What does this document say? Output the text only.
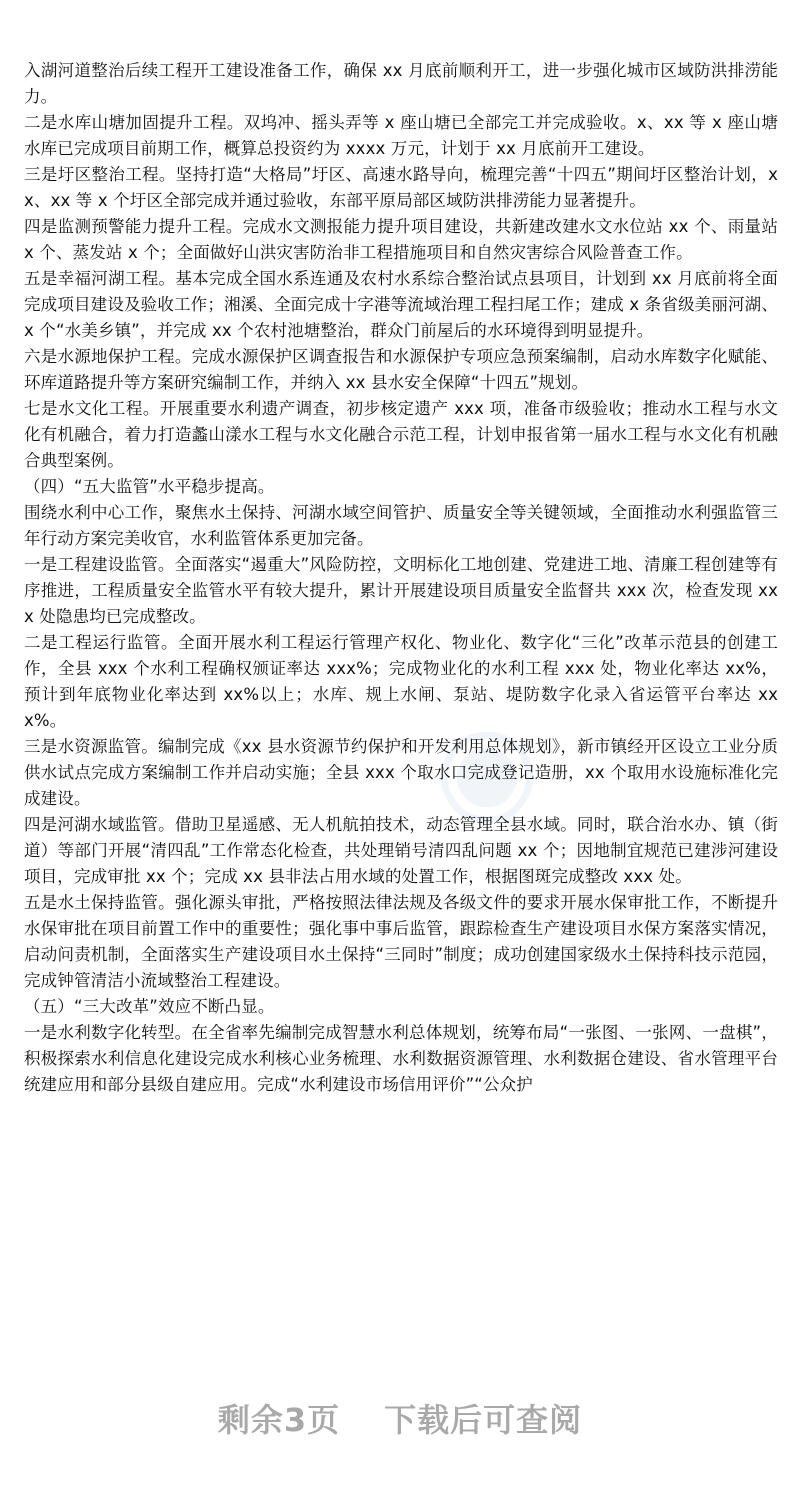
◉

入湖河道整治后续工程开工建设准备工作，确保 xx 月底前顺利开工，进一步强化城市区域防洪排涝能力。

二是水库山塘加固提升工程。双坞冲、摇头弄等 x 座山塘已全部完工并完成验收。x、xx 等 x 座山塘水库已完成项目前期工作，概算总投资约为 xxxx 万元，计划于 xx 月底前开工建设。

三是圩区整治工程。坚持打造“大格局”圩区、高速水路导向，梳理完善“十四五”期间圩区整治计划，xx、xx 等 x 个圩区全部完成并通过验收，东部平原局部区域防洪排涝能力显著提升。

四是监测预警能力提升工程。完成水文测报能力提升项目建设，共新建改建水文水位站 xx 个、雨量站 x 个、蒸发站 x 个；全面做好山洪灾害防治非工程措施项目和自然灾害综合风险普查工作。

五是幸福河湖工程。基本完成全国水系连通及农村水系综合整治试点县项目，计划到 xx 月底前将全面完成项目建设及验收工作；湘溪、全面完成十字港等流域治理工程扫尾工作；建成 x 条省级美丽河湖、x 个“水美乡镇”，并完成 xx 个农村池塘整治，群众门前屋后的水环境得到明显提升。

六是水源地保护工程。完成水源保护区调查报告和水源保护专项应急预案编制，启动水库数字化赋能、环库道路提升等方案研究编制工作，并纳入 xx 县水安全保障“十四五”规划。

七是水文化工程。开展重要水利遗产调查，初步核定遗产 xxx 项，准备市级验收；推动水工程与水文化有机融合，着力打造蠡山漾水工程与水文化融合示范工程，计划申报省第一届水工程与水文化有机融合典型案例。

（四）“五大监管”水平稳步提高。

围绕水利中心工作，聚焦水土保持、河湖水域空间管护、质量安全等关键领域，全面推动水利强监管三年行动方案完美收官，水利监管体系更加完备。

一是工程建设监管。全面落实“遏重大”风险防控，文明标化工地创建、党建进工地、清廉工程创建等有序推进，工程质量安全监管水平有较大提升，累计开展建设项目质量安全监督共 xxx 次，检查发现 xxx 处隐患均已完成整改。

二是工程运行监管。全面开展水利工程运行管理产权化、物业化、数字化“三化”改革示范县的创建工作，全县 xxx 个水利工程确权颁证率达 xxx%；完成物业化的水利工程 xxx 处，物业化率达 xx%，预计到年底物业化率达到 xx%以上；水库、规上水闸、泵站、堤防数字化录入省运管平台率达 xxx%。

三是水资源监管。编制完成《xx 县水资源节约保护和开发利用总体规划》，新市镇经开区设立工业分质供水试点完成方案编制工作并启动实施；全县 xxx 个取水口完成登记造册，xx 个取用水设施标准化完成建设。

四是河湖水域监管。借助卫星遥感、无人机航拍技术，动态管理全县水域。同时，联合治水办、镇（街道）等部门开展“清四乱”工作常态化检查，共处理销号清四乱问题 xx 个；因地制宜规范已建涉河建设项目，完成审批 xx 个；完成 xx 县非法占用水域的处置工作，根据图斑完成整改 xxx 处。

五是水土保持监管。强化源头审批，严格按照法律法规及各级文件的要求开展水保审批工作，不断提升水保审批在项目前置工作中的重要性；强化事中事后监管，跟踪检查生产建设项目水保方案落实情况，启动问责机制，全面落实生产建设项目水土保持“三同时”制度；成功创建国家级水土保持科技示范园，完成钟管清洁小流域整治工程建设。

（五）“三大改革”效应不断凸显。

一是水利数字化转型。在全省率先编制完成智慧水利总体规划，统筹布局“一张图、一张网、一盘棋”，积极探索水利信息化建设完成水利核心业务梳理、水利数据资源管理、水利数据仓建设、省水管理平台统建应用和部分县级自建应用。完成“水利建设市场信用评价”“公众护

剩余3页 下载后可查阅
